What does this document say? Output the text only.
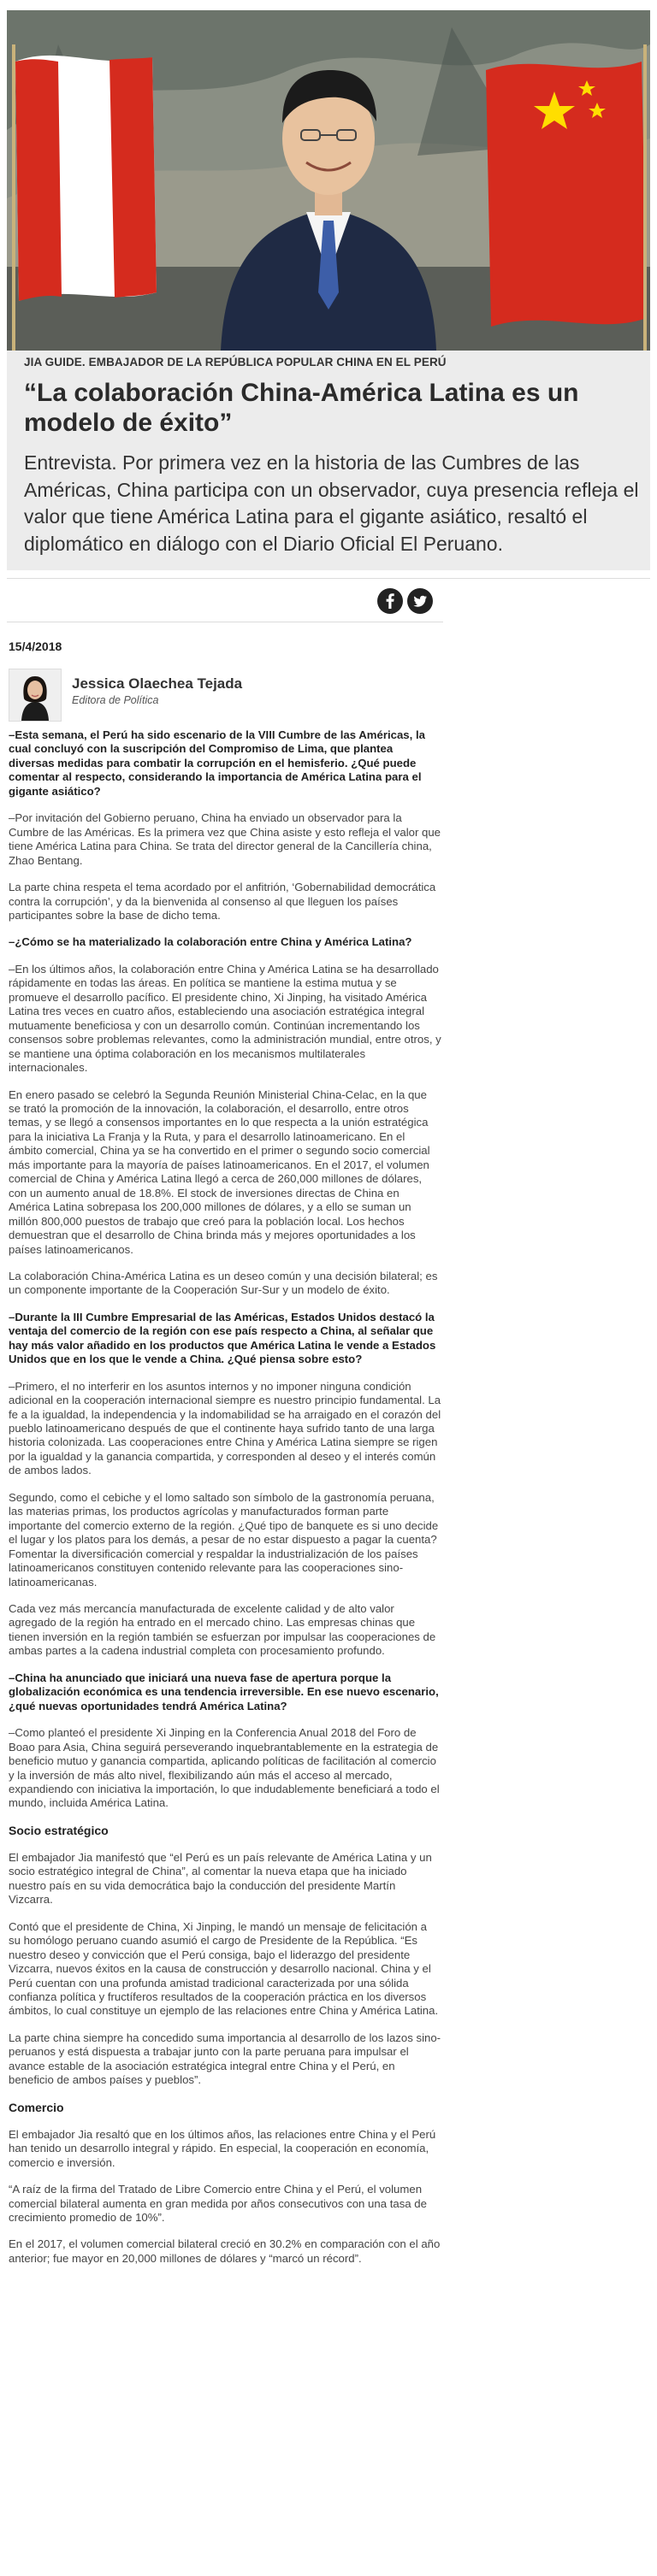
JIA GUIDE. EMBAJADOR DE LA REPÚBLICA POPULAR CHINA EN EL PERÚ
“La colaboración China-América Latina es un modelo de éxito”

Entrevista. Por primera vez en la historia de las Cumbres de las Américas, China participa con un observador, cuya presencia refleja el valor que tiene América Latina para el gigante asiático, resaltó el diplomático en diálogo con el Diario Oficial El Peruano.

15/4/2018
Jessica Olaechea Tejada
Editora de Política

–Esta semana, el Perú ha sido escenario de la VIII Cumbre de las Américas, la cual concluyó con la suscripción del Compromiso de Lima, que plantea diversas medidas para combatir la corrupción en el hemisferio. ¿Qué puede comentar al respecto, considerando la importancia de América Latina para el gigante asiático?

–Por invitación del Gobierno peruano, China ha enviado un observador para la Cumbre de las Américas. Es la primera vez que China asiste y esto refleja el valor que tiene América Latina para China. Se trata del director general de la Cancillería china, Zhao Bentang.

La parte china respeta el tema acordado por el anfitrión, ‘Gobernabilidad democrática contra la corrupción’, y da la bienvenida al consenso al que lleguen los países participantes sobre la base de dicho tema.

–¿Cómo se ha materializado la colaboración entre China y América Latina?

–En los últimos años, la colaboración entre China y América Latina se ha desarrollado rápidamente en todas las áreas. En política se mantiene la estima mutua y se promueve el desarrollo pacífico. El presidente chino, Xi Jinping, ha visitado América Latina tres veces en cuatro años, estableciendo una asociación estratégica integral mutuamente beneficiosa y con un desarrollo común. Continúan incrementando los consensos sobre problemas relevantes, como la administración mundial, entre otros, y se mantiene una óptima colaboración en los mecanismos multilaterales internacionales.

En enero pasado se celebró la Segunda Reunión Ministerial China-Celac, en la que se trató la promoción de la innovación, la colaboración, el desarrollo, entre otros temas, y se llegó a consensos importantes en lo que respecta a la unión estratégica para la iniciativa La Franja y la Ruta, y para el desarrollo latinoamericano. En el ámbito comercial, China ya se ha convertido en el primer o segundo socio comercial más importante para la mayoría de países latinoamericanos. En el 2017, el volumen comercial de China y América Latina llegó a cerca de 260,000 millones de dólares, con un aumento anual de 18.8%. El stock de inversiones directas de China en América Latina sobrepasa los 200,000 millones de dólares, y a ello se suman un millón 800,000 puestos de trabajo que creó para la población local. Los hechos demuestran que el desarrollo de China brinda más y mejores oportunidades a los países latinoamericanos.

La colaboración China-América Latina es un deseo común y una decisión bilateral; es un componente importante de la Cooperación Sur-Sur y un modelo de éxito.

–Durante la III Cumbre Empresarial de las Américas, Estados Unidos destacó la ventaja del comercio de la región con ese país respecto a China, al señalar que hay más valor añadido en los productos que América Latina le vende a Estados Unidos que en los que le vende a China. ¿Qué piensa sobre esto?

–Primero, el no interferir en los asuntos internos y no imponer ninguna condición adicional en la cooperación internacional siempre es nuestro principio fundamental. La fe a la igualdad, la independencia y la indomabilidad se ha arraigado en el corazón del pueblo latinoamericano después de que el continente haya sufrido tanto de una larga historia colonizada. Las cooperaciones entre China y América Latina siempre se rigen por la igualdad y la ganancia compartida, y corresponden al deseo y el interés común de ambos lados.

Segundo, como el cebiche y el lomo saltado son símbolo de la gastronomía peruana, las materias primas, los productos agrícolas y manufacturados forman parte importante del comercio externo de la región. ¿Qué tipo de banquete es si uno decide el lugar y los platos para los demás, a pesar de no estar dispuesto a pagar la cuenta? Fomentar la diversificación comercial y respaldar la industrialización de los países latinoamericanos constituyen contenido relevante para las cooperaciones sino-latinoamericanas.

Cada vez más mercancía manufacturada de excelente calidad y de alto valor agregado de la región ha entrado en el mercado chino. Las empresas chinas que tienen inversión en la región también se esfuerzan por impulsar las cooperaciones de ambas partes a la cadena industrial completa con procesamiento profundo.

–China ha anunciado que iniciará una nueva fase de apertura porque la globalización económica es una tendencia irreversible. En ese nuevo escenario, ¿qué nuevas oportunidades tendrá América Latina?

–Como planteó el presidente Xi Jinping en la Conferencia Anual 2018 del Foro de Boao para Asia, China seguirá perseverando inquebrantablemente en la estrategia de beneficio mutuo y ganancia compartida, aplicando políticas de facilitación al comercio y la inversión de más alto nivel, flexibilizando aún más el acceso al mercado, expandiendo con iniciativa la importación, lo que indudablemente beneficiará a todo el mundo, incluida América Latina.

Socio estratégico

El embajador Jia manifestó que “el Perú es un país relevante de América Latina y un socio estratégico integral de China”, al comentar la nueva etapa que ha iniciado nuestro país en su vida democrática bajo la conducción del presidente Martín Vizcarra.

Contó que el presidente de China, Xi Jinping, le mandó un mensaje de felicitación a su homólogo peruano cuando asumió el cargo de Presidente de la República. “Es nuestro deseo y convicción que el Perú consiga, bajo el liderazgo del presidente Vizcarra, nuevos éxitos en la causa de construcción y desarrollo nacional. China y el Perú cuentan con una profunda amistad tradicional caracterizada por una sólida confianza política y fructíferos resultados de la cooperación práctica en los diversos ámbitos, lo cual constituye un ejemplo de las relaciones entre China y América Latina.

La parte china siempre ha concedido suma importancia al desarrollo de los lazos sino-peruanos y está dispuesta a trabajar junto con la parte peruana para impulsar el avance estable de la asociación estratégica integral entre China y el Perú, en beneficio de ambos países y pueblos”.

Comercio

El embajador Jia resaltó que en los últimos años, las relaciones entre China y el Perú han tenido un desarrollo integral y rápido. En especial, la cooperación en economía, comercio e inversión.

“A raíz de la firma del Tratado de Libre Comercio entre China y el Perú, el volumen comercial bilateral aumenta en gran medida por años consecutivos con una tasa de crecimiento promedio de 10%”.

En el 2017, el volumen comercial bilateral creció en 30.2% en comparación con el año anterior; fue mayor en 20,000 millones de dólares y “marcó un récord”.
